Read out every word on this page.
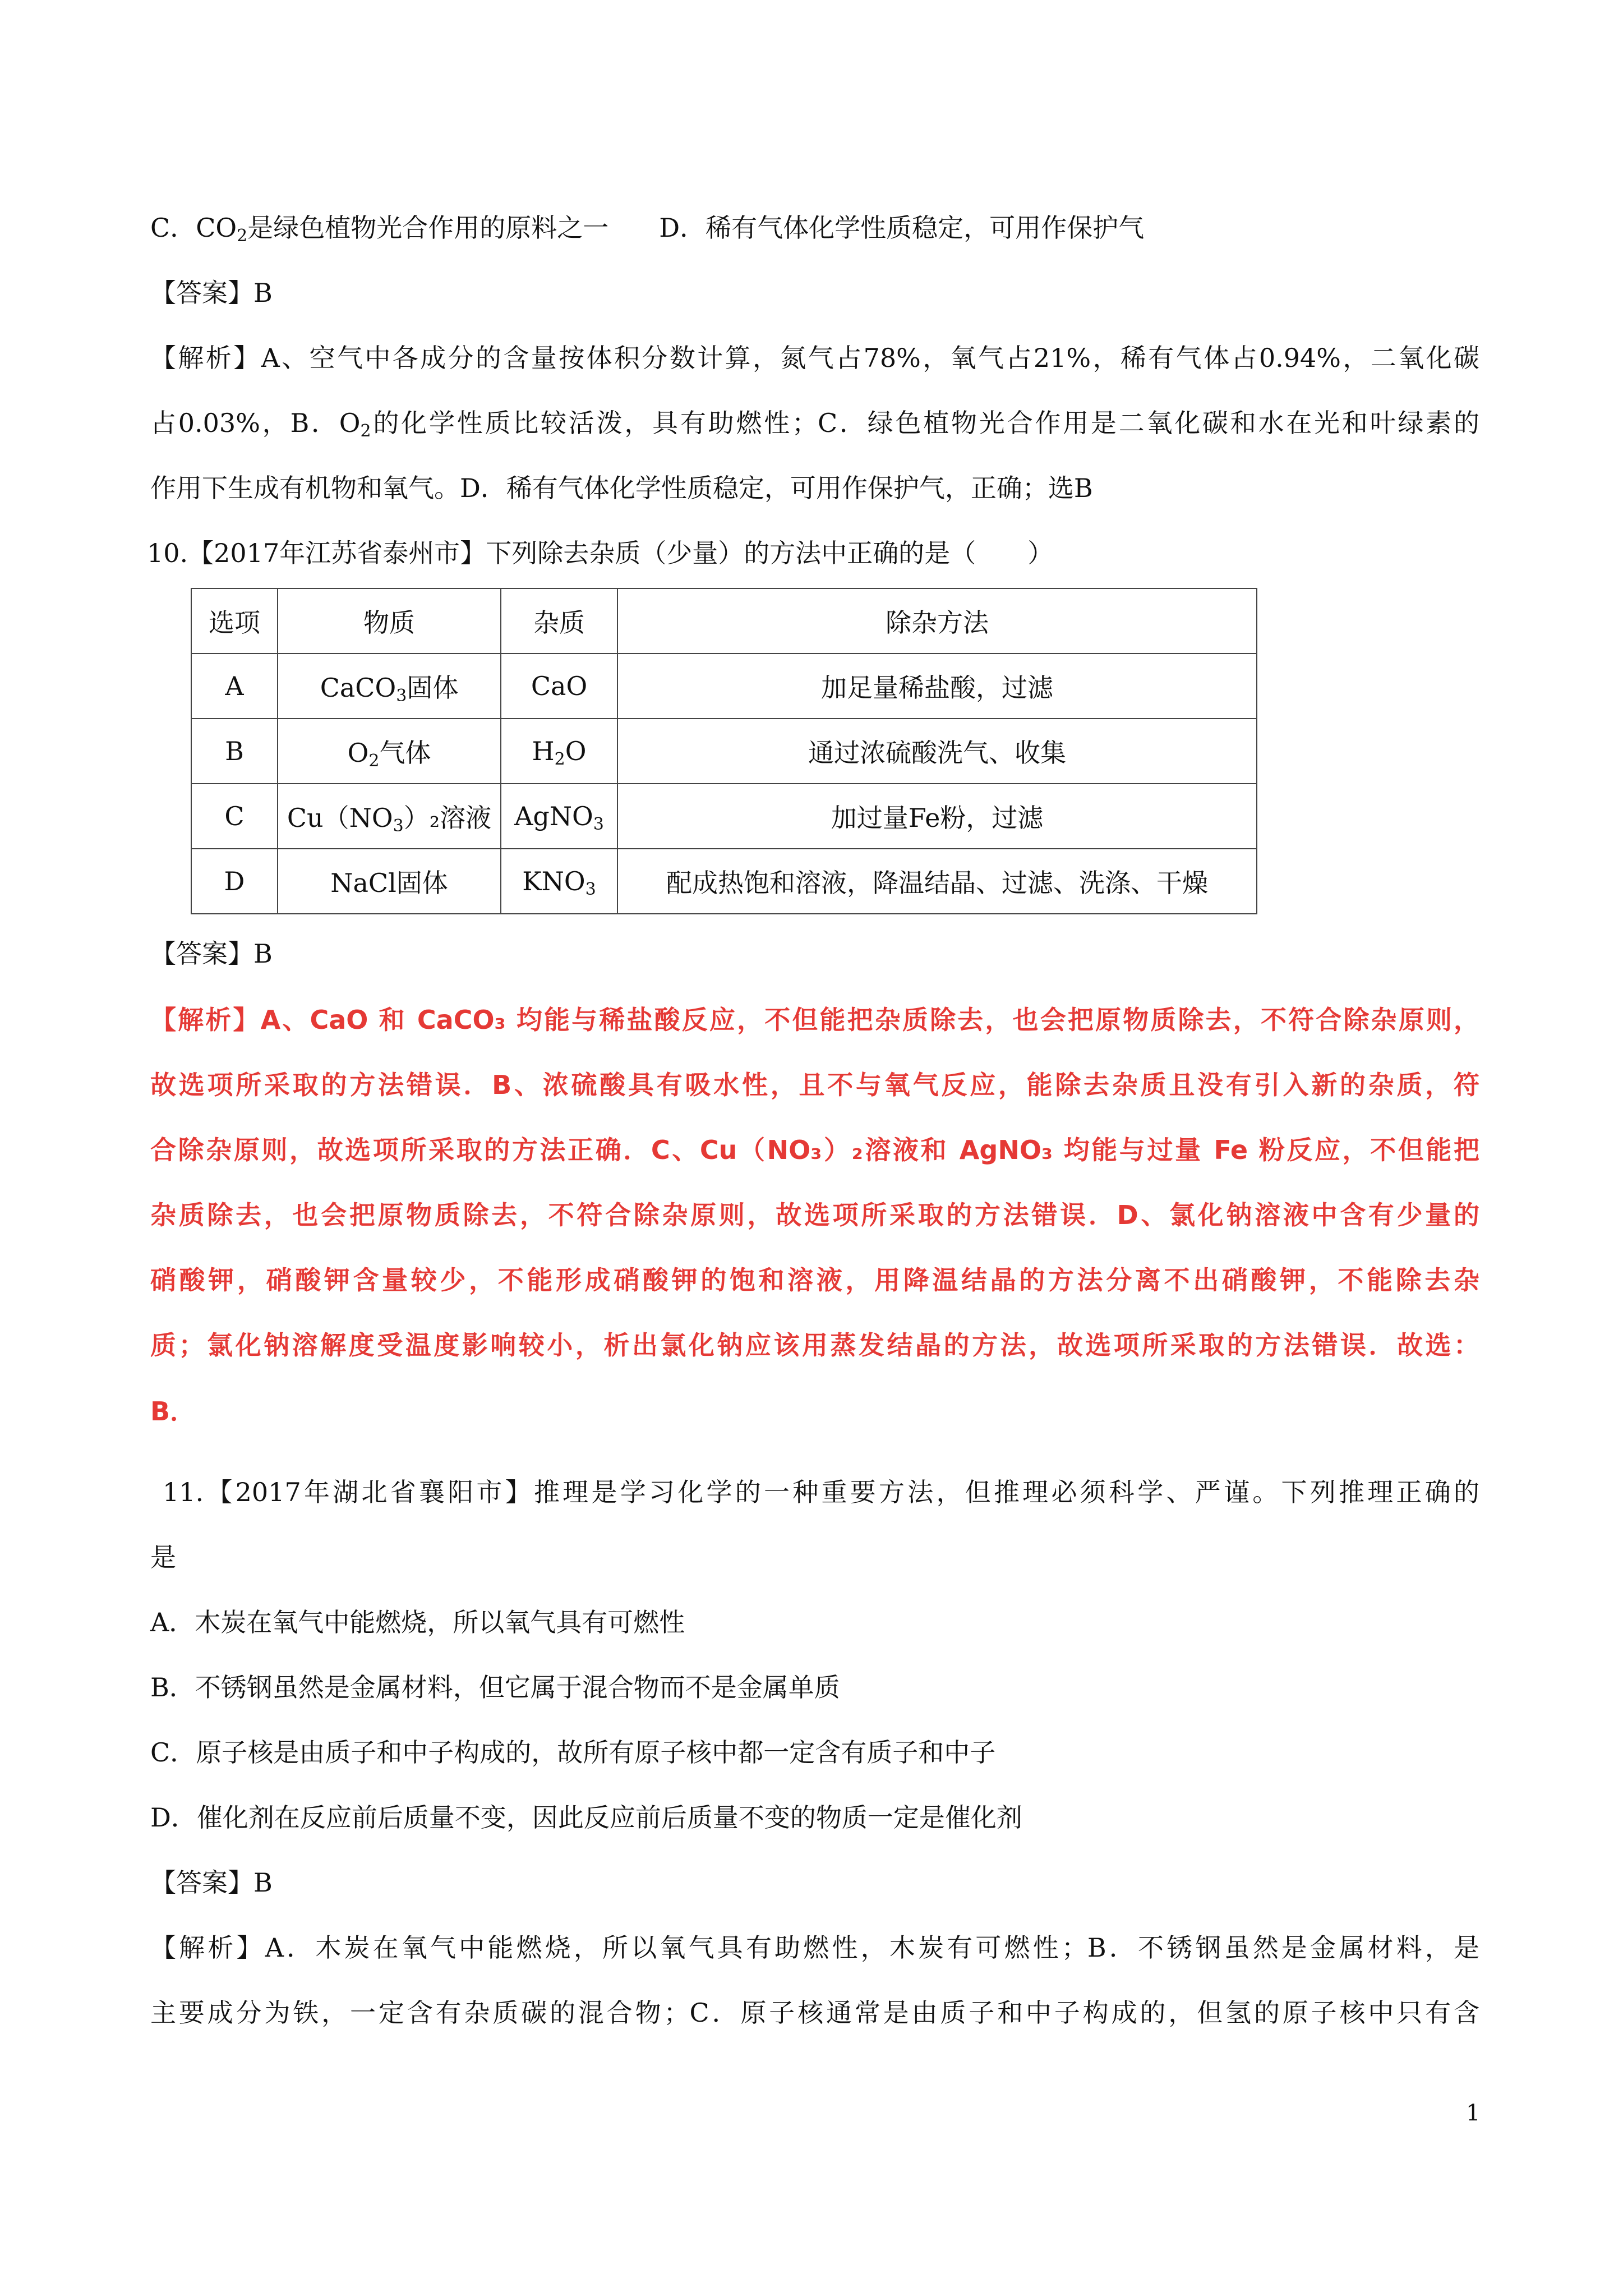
C．$CO_2$是绿色植物光合作用的原料之一 D．稀有气体化学性质稳定，可用作保护气
【答案】B
【解析】A、空气中各成分的含量按体积分数计算，氮气占78%，氧气占21%，稀有气体占0.94%，二氧化碳
占0.03%，B．$O_2$的化学性质比较活泼，具有助燃性；C．绿色植物光合作用是二氧化碳和水在光和叶绿素的
作用下生成有机物和氧气。D．稀有气体化学性质稳定，可用作保护气，正确；选B
10.【2017年江苏省泰州市】下列除去杂质（少量）的方法中正确的是（　　）
选项	物质	杂质	除杂方法
A	CaCO$_3$固体	CaO	加足量稀盐酸，过滤
B	$O_2$气体	$H_2O$	通过浓硫酸洗气、收集
C	$Cu(NO_3)_2$溶液	AgNO$_3$	加过量Fe粉，过滤
D	NaCl固体	$KNO_3$	配成热饱和溶液，降温结晶、过滤、洗涤、干燥
【答案】B
【解析】A、CaO 和 CaCO₃ 均能与稀盐酸反应，不但能把杂质除去，也会把原物质除去，不符合除杂原则，
故选项所采取的方法错误．B、浓硫酸具有吸水性，且不与氧气反应，能除去杂质且没有引入新的杂质，符
合除杂原则，故选项所采取的方法正确．C、Cu（NO₃）₂溶液和 AgNO₃ 均能与过量 Fe 粉反应，不但能把
杂质除去，也会把原物质除去，不符合除杂原则，故选项所采取的方法错误．D、氯化钠溶液中含有少量的
硝酸钾，硝酸钾含量较少，不能形成硝酸钾的饱和溶液，用降温结晶的方法分离不出硝酸钾，不能除去杂
质；氯化钠溶解度受温度影响较小，析出氯化钠应该用蒸发结晶的方法，故选项所采取的方法错误．故选：
B．
11.【2017年湖北省襄阳市】推理是学习化学的一种重要方法，但推理必须科学、严谨。下列推理正确的
是
A．木炭在氧气中能燃烧，所以氧气具有可燃性
B．不锈钢虽然是金属材料，但它属于混合物而不是金属单质
C．原子核是由质子和中子构成的，故所有原子核中都一定含有质子和中子
D．催化剂在反应前后质量不变，因此反应前后质量不变的物质一定是催化剂
【答案】B
【解析】A．木炭在氧气中能燃烧，所以氧气具有助燃性，木炭有可燃性；B．不锈钢虽然是金属材料，是
主要成分为铁，一定含有杂质碳的混合物；C．原子核通常是由质子和中子构成的，但氢的原子核中只有含
1
